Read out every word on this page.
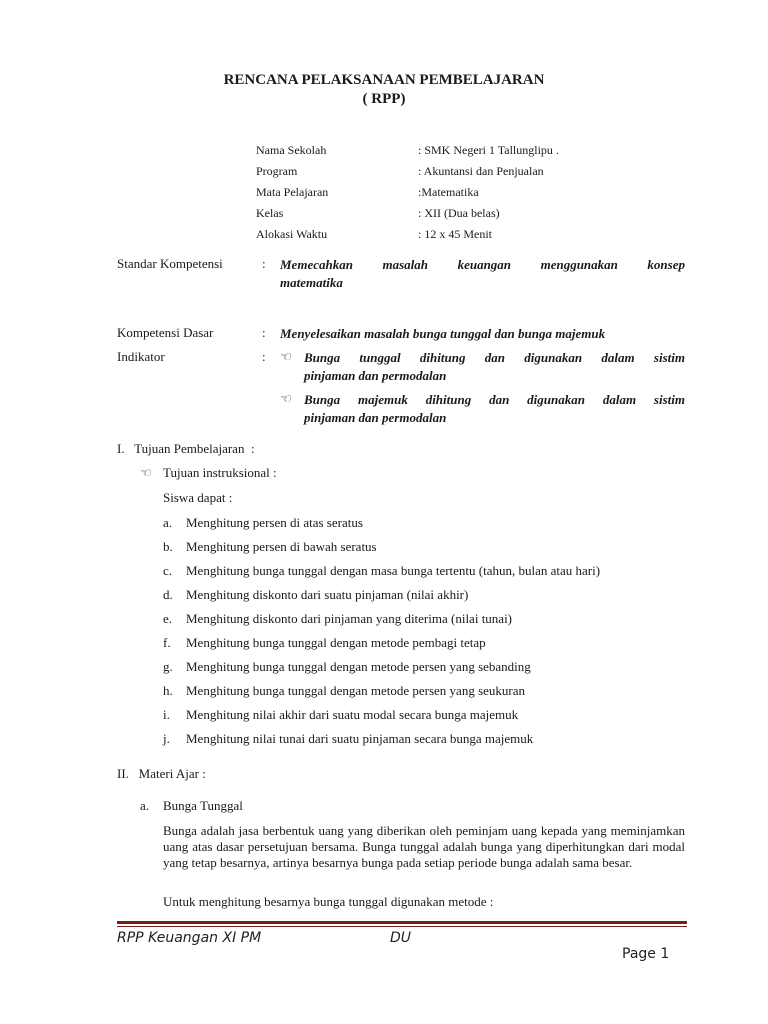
RENCANA PELAKSANAAN PEMBELAJARAN
( RPP)
Nama Sekolah	: SMK Negeri 1 Tallunglipu .
Program	: Akuntansi dan Penjualan
Mata Pelajaran	:Matematika
Kelas	: XII (Dua belas)
Alokasi Waktu	: 12 x 45 Menit
Standar Kompetensi	: Memecahkan masalah keuangan menggunakan konsep
matematika
Kompetensi Dasar	: Menyelesaikan masalah bunga tunggal dan bunga majemuk
Indikator	: ☜ Bunga tunggal dihitung dan digunakan dalam sistim
pinjaman dan permodalan
☜ Bunga majemuk dihitung dan digunakan dalam sistim
pinjaman dan permodalan
I.   Tujuan Pembelajaran  :
☜ Tujuan instruksional :
Siswa dapat :
a. Menghitung persen di atas seratus
b. Menghitung persen di bawah seratus
c. Menghitung bunga tunggal dengan masa bunga tertentu (tahun, bulan atau hari)
d. Menghitung diskonto dari suatu pinjaman (nilai akhir)
e. Menghitung diskonto dari pinjaman yang diterima (nilai tunai)
f. Menghitung bunga tunggal dengan metode pembagi tetap
g. Menghitung bunga tunggal dengan metode persen yang sebanding
h. Menghitung bunga tunggal dengan metode persen yang seukuran
i. Menghitung nilai akhir dari suatu modal secara bunga majemuk
j. Menghitung nilai tunai dari suatu pinjaman secara bunga majemuk
II.   Materi Ajar :
a. Bunga Tunggal
Bunga adalah jasa berbentuk uang yang diberikan oleh peminjam uang kepada yang meminjamkan uang atas dasar persetujuan bersama. Bunga tunggal adalah bunga yang diperhitungkan dari modal yang tetap besarnya, artinya besarnya bunga pada setiap periode bunga adalah sama besar.
Untuk menghitung besarnya bunga tunggal digunakan metode :
RPP Keuangan XI PM	DU
Page 1
